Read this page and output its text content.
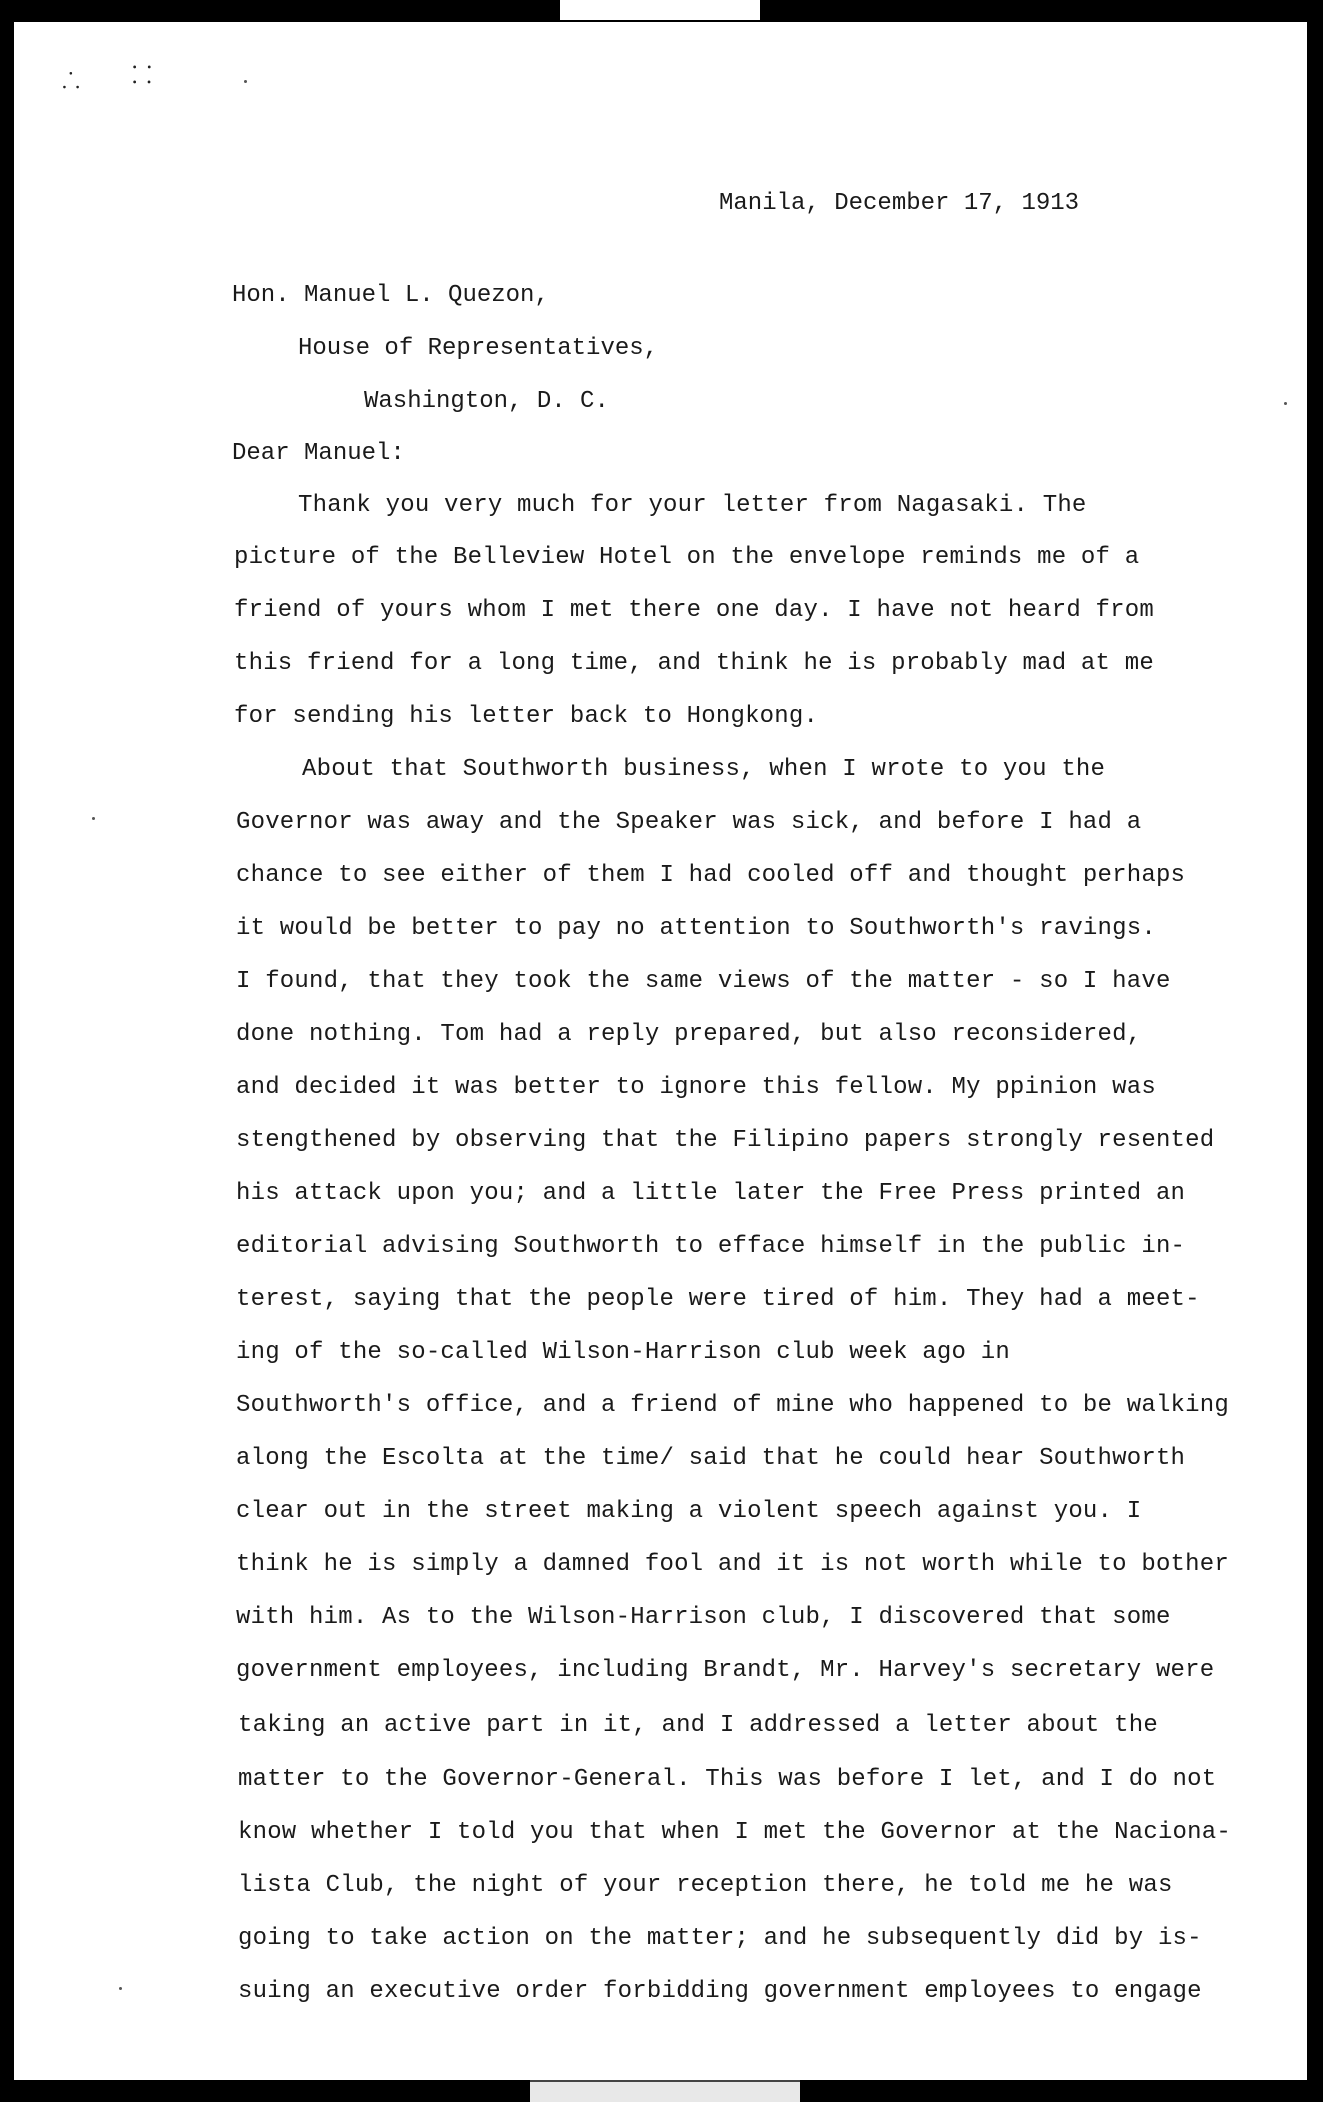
⸫ ⸬
Manila, December 17, 1913
Hon. Manuel L. Quezon,
House of Representatives,
Washington, D. C.
Dear Manuel:
Thank you very much for your letter from Nagasaki. The
picture of the Belleview Hotel on the envelope reminds me of a
friend of yours whom I met there one day. I have not heard from
this friend for a long time, and think he is probably mad at me
for sending his letter back to Hongkong.
About that Southworth business, when I wrote to you the
Governor was away and the Speaker was sick, and before I had a
chance to see either of them I had cooled off and thought perhaps
it would be better to pay no attention to Southworth's ravings.
I found, that they took the same views of the matter - so I have
done nothing. Tom had a reply prepared, but also reconsidered,
and decided it was better to ignore this fellow. My ppinion was
stengthened by observing that the Filipino papers strongly resented
his attack upon you; and a little later the Free Press printed an
editorial advising Southworth to efface himself in the public in-
terest, saying that the people were tired of him. They had a meet-
ing of the so-called Wilson-Harrison club week ago in
Southworth's office, and a friend of mine who happened to be walking
along the Escolta at the time/ said that he could hear Southworth
clear out in the street making a violent speech against you. I
think he is simply a damned fool and it is not worth while to bother
with him. As to the Wilson-Harrison club, I discovered that some
government employees, including Brandt, Mr. Harvey's secretary were
taking an active part in it, and I addressed a letter about the
matter to the Governor-General. This was before I let, and I do not
know whether I told you that when I met the Governor at the Naciona-
lista Club, the night of your reception there, he told me he was
going to take action on the matter; and he subsequently did by is-
suing an executive order forbidding government employees to engage
